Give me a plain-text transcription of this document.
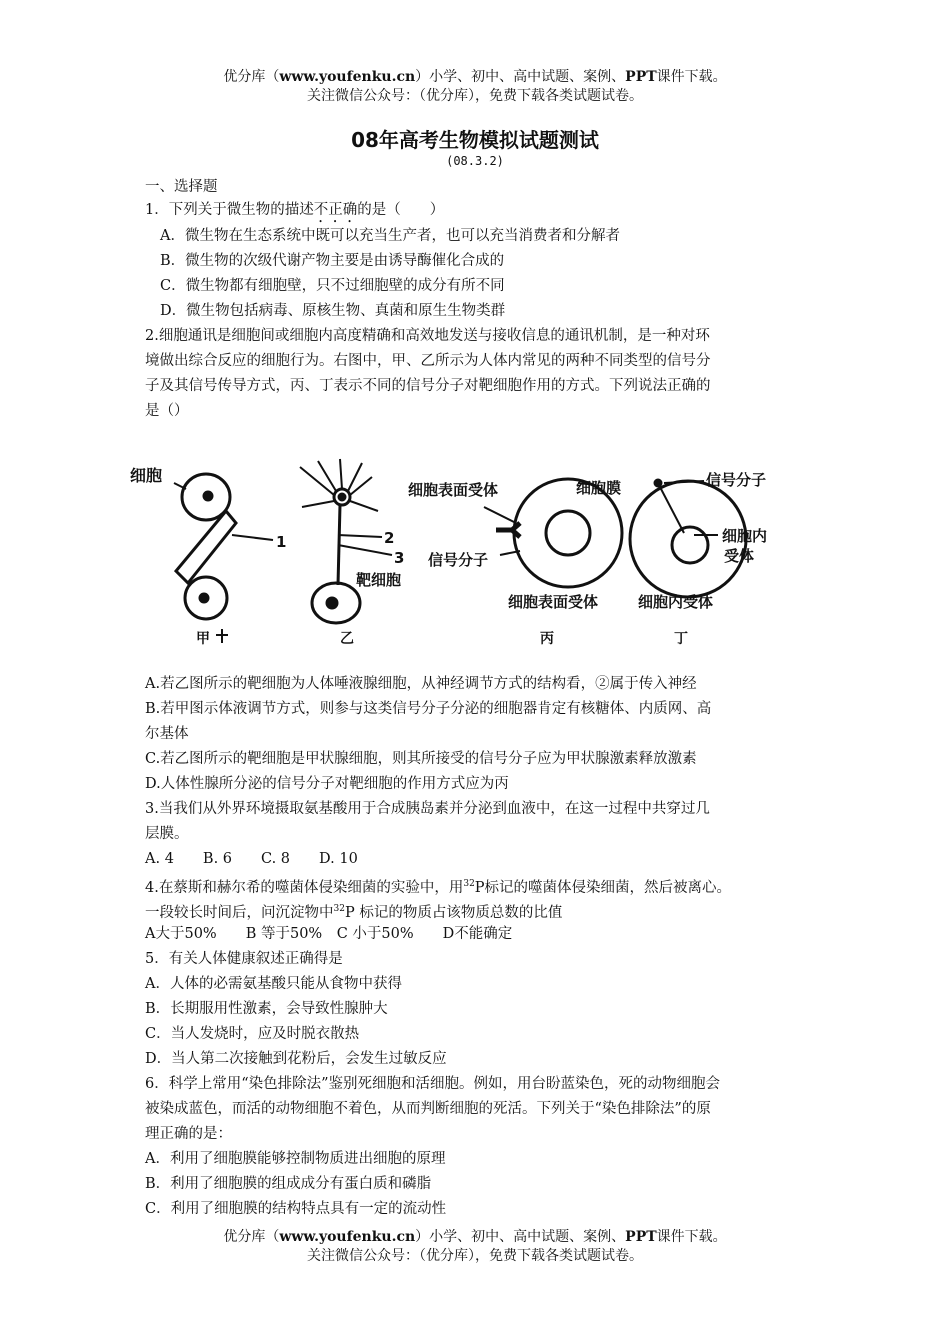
优分库（www.youfenku.cn）小学、初中、高中试题、案例、PPT课件下载。
关注微信公众号：（优分库），免费下载各类试题试卷。
08年高考生物模拟试题测试
(08.3.2)
一、选择题
1．下列关于微生物的描述不正确的是（　　）
A．微生物在生态系统中既可以充当生产者，也可以充当消费者和分解者
B．微生物的次级代谢产物主要是由诱导酶催化合成的
C．微生物都有细胞壁，只不过细胞壁的成分有所不同
D．微生物包括病毒、原核生物、真菌和原生生物类群
2.细胞通讯是细胞间或细胞内高度精确和高效地发送与接收信息的通讯机制，是一种对环
境做出综合反应的细胞行为。右图中，甲、乙所示为人体内常见的两种不同类型的信号分
子及其信号传导方式，丙、丁表示不同的信号分子对靶细胞作用的方式。下列说法正确的
是（）
细胞
1	2
3
靶细胞
细胞表面受体	细胞膜
信号分子
信号分子
细胞内
受体
细胞表面受体	细胞内受体
甲	乙	丙	丁
A.若乙图所示的靶细胞为人体唾液腺细胞，从神经调节方式的结构看，②属于传入神经
B.若甲图示体液调节方式，则参与这类信号分子分泌的细胞器肯定有核糖体、内质网、高
尔基体
C.若乙图所示的靶细胞是甲状腺细胞，则其所接受的信号分子应为甲状腺激素释放激素
D.人体性腺所分泌的信号分子对靶细胞的作用方式应为丙
3.当我们从外界环境摄取氨基酸用于合成胰岛素并分泌到血液中，在这一过程中共穿过几
层膜。
A. 4　　B. 6　　C. 8　　D. 10
4.在蔡斯和赫尔希的噬菌体侵染细菌的实验中，用$^{32}$P标记的噬菌体侵染细菌，然后被离心。
一段较长时间后，问沉淀物中$^{32}$P 标记的物质占该物质总数的比值
A大于50%　　B 等于50%　C 小于50%　　D不能确定
5．有关人体健康叙述正确得是
A．人体的必需氨基酸只能从食物中获得
B．长期服用性激素，会导致性腺肿大
C．当人发烧时，应及时脱衣散热
D．当人第二次接触到花粉后，会发生过敏反应
6．科学上常用“染色排除法”鉴别死细胞和活细胞。例如，用台盼蓝染色，死的动物细胞会
被染成蓝色，而活的动物细胞不着色，从而判断细胞的死活。下列关于“染色排除法”的原
理正确的是：
A．利用了细胞膜能够控制物质进出细胞的原理
B．利用了细胞膜的组成成分有蛋白质和磷脂
C．利用了细胞膜的结构特点具有一定的流动性
优分库（www.youfenku.cn）小学、初中、高中试题、案例、PPT课件下载。
关注微信公众号：（优分库），免费下载各类试题试卷。
